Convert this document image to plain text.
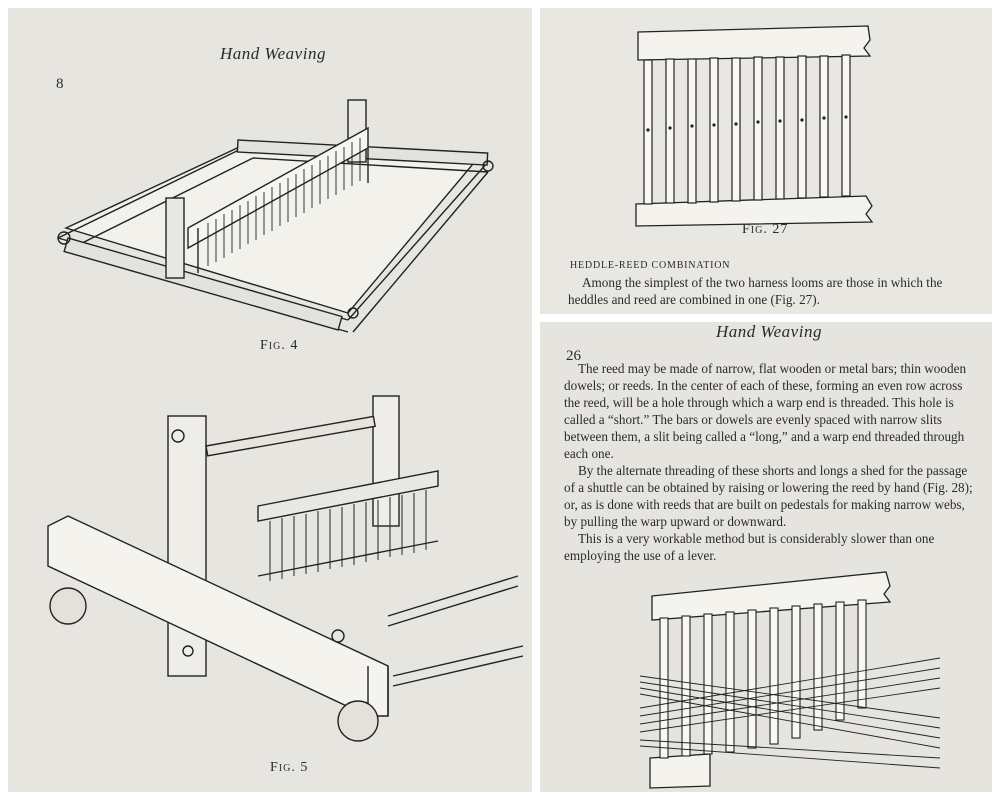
Hand Weaving
8
Fig. 4
Fig. 5
Fig. 27
HEDDLE-REED COMBINATION

Among the simplest of the two harness looms are those in which the heddles and reed are combined in one (Fig. 27).

Hand Weaving
26

The reed may be made of narrow, flat wooden or metal bars; thin wooden dowels; or reeds. In the center of each of these, forming an even row across the reed, will be a hole through which a warp end is threaded. This hole is called a “short.” The bars or dowels are evenly spaced with narrow slits between them, a slit being called a “long,” and a warp end threaded through each one.

By the alternate threading of these shorts and longs a shed for the passage of a shuttle can be obtained by raising or lowering the reed by hand (Fig. 28); or, as is done with reeds that are built on pedestals for making narrow webs, by pulling the warp upward or downward.

This is a very workable method but is considerably slower than one employing the use of a lever.
